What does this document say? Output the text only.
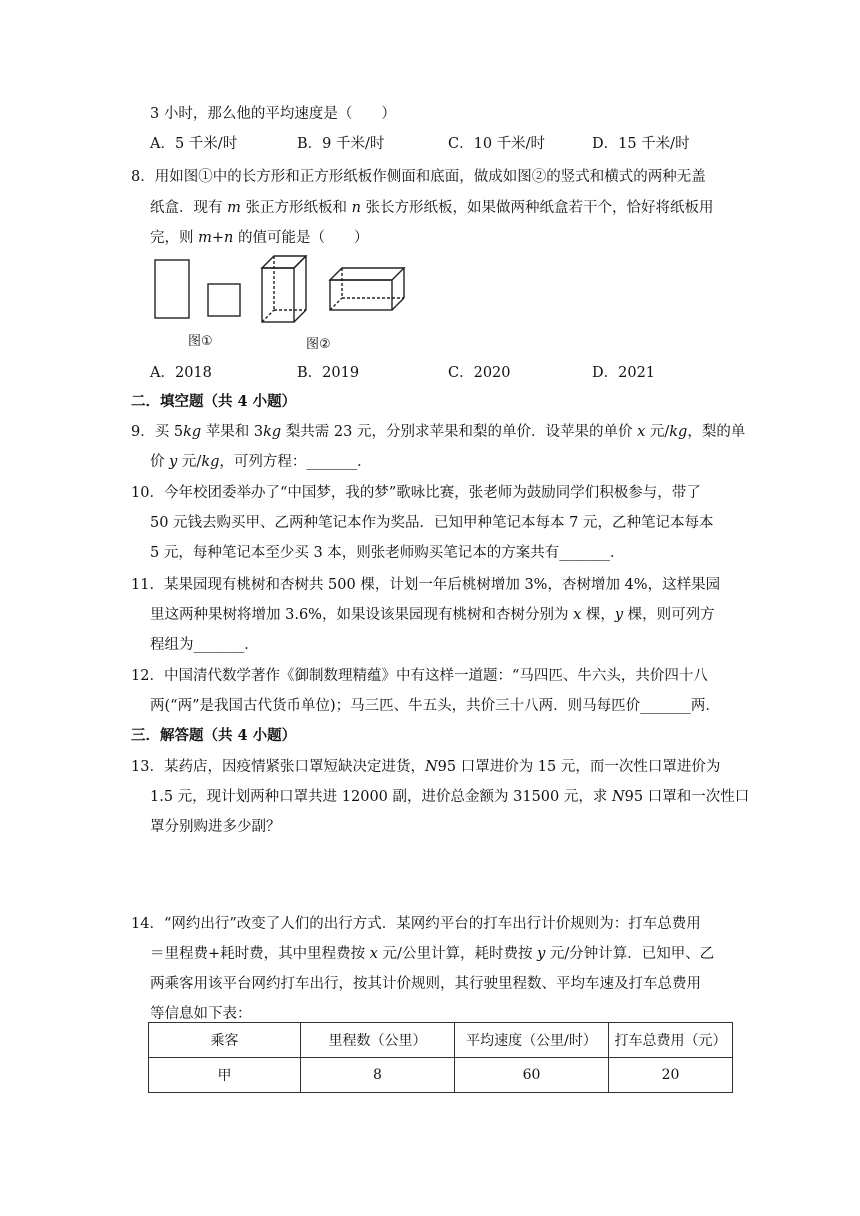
3 小时，那么他的平均速度是（　　）
A．5 千米/时	B．9 千米/时	C．10 千米/时	D．15 千米/时
8．用如图①中的长方形和正方形纸板作侧面和底面，做成如图②的竖式和横式的两种无盖
纸盒．现有 m 张正方形纸板和 n 张长方形纸板，如果做两种纸盒若干个，恰好将纸板用
完，则 m+n 的值可能是（　　）
图①	图②
A．2018	B．2019	C．2020	D．2021
二．填空题（共 4 小题）
9．买 5kg 苹果和 3kg 梨共需 23 元，分别求苹果和梨的单价．设苹果的单价 x 元/kg，梨的单
价 y 元/kg，可列方程：_______．
10．今年校团委举办了“中国梦，我的梦”歌咏比赛，张老师为鼓励同学们积极参与，带了
50 元钱去购买甲、乙两种笔记本作为奖品．已知甲种笔记本每本 7 元，乙种笔记本每本
5 元，每种笔记本至少买 3 本，则张老师购买笔记本的方案共有_______．
11．某果园现有桃树和杏树共 500 棵，计划一年后桃树增加 3%，杏树增加 4%，这样果园
里这两种果树将增加 3.6%，如果设该果园现有桃树和杏树分别为 x 棵，y 棵，则可列方
程组为_______．
12．中国清代数学著作《御制数理精蕴》中有这样一道题：“马四匹、牛六头，共价四十八
两(“两”是我国古代货币单位)；马三匹、牛五头，共价三十八两．则马每匹价_______两．
三．解答题（共 4 小题）
13．某药店，因疫情紧张口罩短缺决定进货，N95 口罩进价为 15 元，而一次性口罩进价为
1.5 元，现计划两种口罩共进 12000 副，进价总金额为 31500 元，求 N95 口罩和一次性口
罩分别购进多少副？
14．“网约出行”改变了人们的出行方式．某网约平台的打车出行计价规则为：打车总费用
＝里程费+耗时费，其中里程费按 x 元/公里计算，耗时费按 y 元/分钟计算．已知甲、乙
两乘客用该平台网约打车出行，按其计价规则，其行驶里程数、平均车速及打车总费用
等信息如下表：
乘客	里程数（公里）	平均速度（公里/时）	打车总费用（元）
甲	8	60	20
